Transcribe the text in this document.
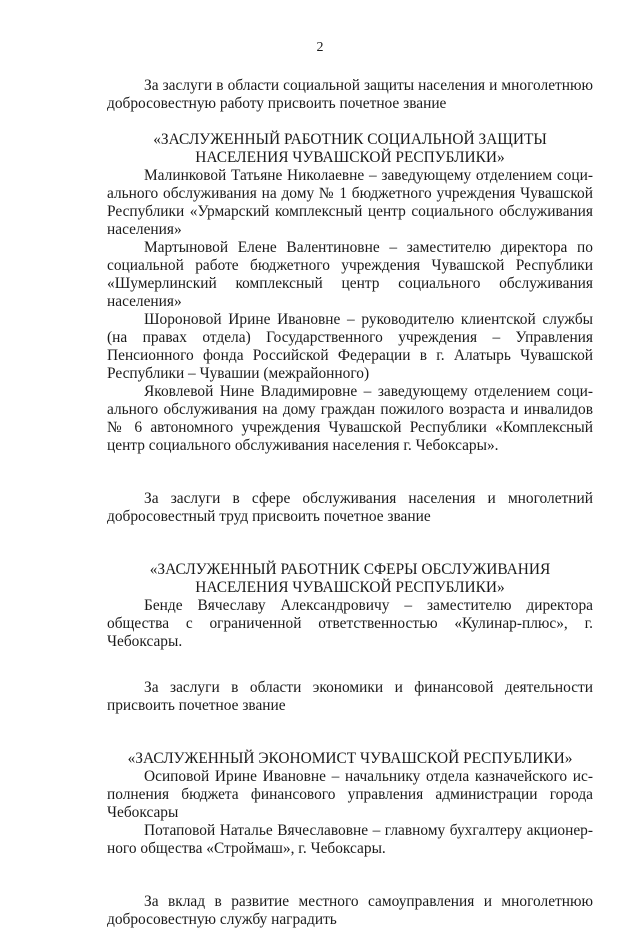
2

За заслуги в области социальной защиты населения и многолетнюю добросовестную работу присвоить почетное звание

«ЗАСЛУЖЕННЫЙ РАБОТНИК СОЦИАЛЬНОЙ ЗАЩИТЫ НАСЕЛЕНИЯ ЧУВАШСКОЙ РЕСПУБЛИКИ»

Малинковой Татьяне Николаевне – заведующему отделением социального обслуживания на дому № 1 бюджетного учреждения Чувашской Республики «Урмарский комплексный центр социального обслуживания населения»

Мартыновой Елене Валентиновне – заместителю директора по социальной работе бюджетного учреждения Чувашской Республики «Шумерлинский комплексный центр социального обслуживания населения»

Шороновой Ирине Ивановне – руководителю клиентской службы (на правах отдела) Государственного учреждения – Управления Пенсионного фонда Российской Федерации в г. Алатырь Чувашской Республики – Чувашии (межрайонного)

Яковлевой Нине Владимировне – заведующему отделением социального обслуживания на дому граждан пожилого возраста и инвалидов № 6 автономного учреждения Чувашской Республики «Комплексный центр социального обслуживания населения г. Чебоксары».

За заслуги в сфере обслуживания населения и многолетний добросовестный труд присвоить почетное звание

«ЗАСЛУЖЕННЫЙ РАБОТНИК СФЕРЫ ОБСЛУЖИВАНИЯ НАСЕЛЕНИЯ ЧУВАШСКОЙ РЕСПУБЛИКИ»

Бенде Вячеславу Александровичу – заместителю директора общества с ограниченной ответственностью «Кулинар-плюс», г. Чебоксары.

За заслуги в области экономики и финансовой деятельности присвоить почетное звание

«ЗАСЛУЖЕННЫЙ ЭКОНОМИСТ ЧУВАШСКОЙ РЕСПУБЛИКИ»

Осиповой Ирине Ивановне – начальнику отдела казначейского исполнения бюджета финансового управления администрации города Чебоксары

Потаповой Наталье Вячеславовне – главному бухгалтеру акционерного общества «Строймаш», г. Чебоксары.

За вклад в развитие местного самоуправления и многолетнюю добросовестную службу наградить
